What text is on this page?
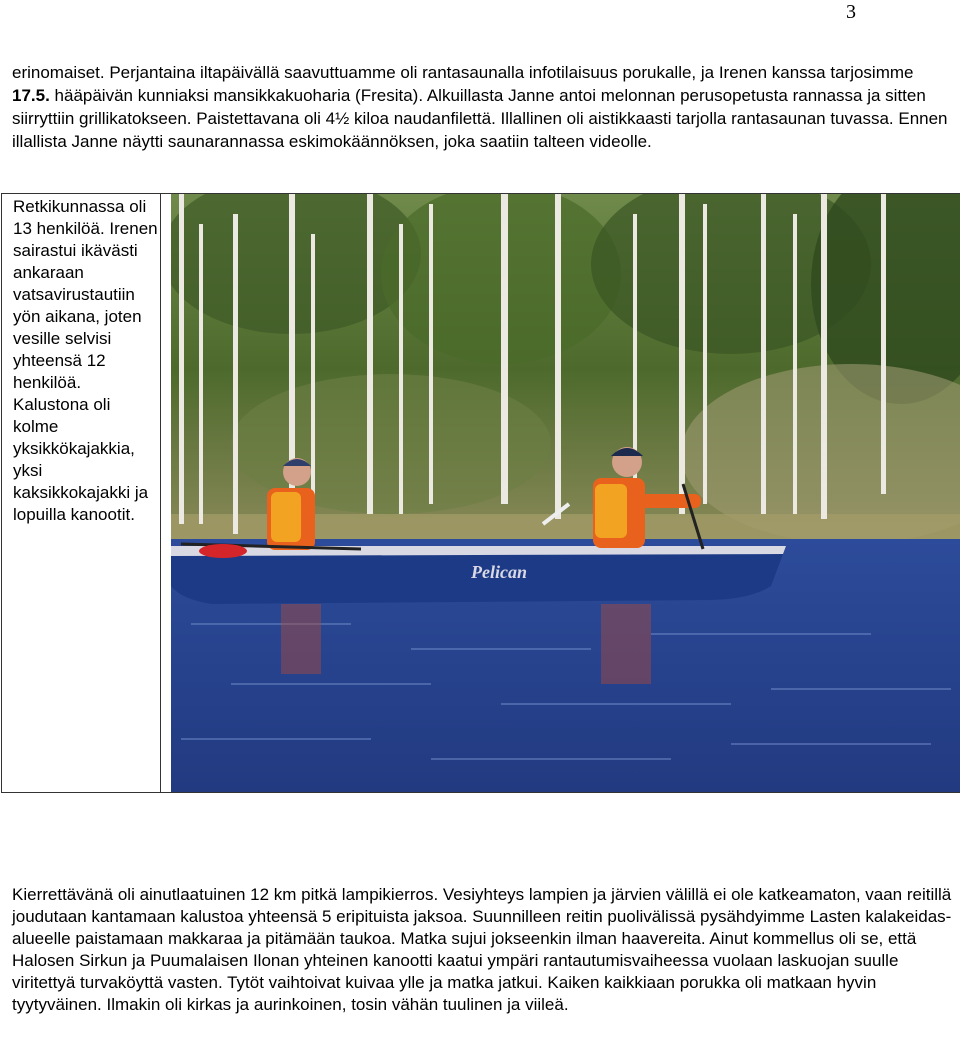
3

erinomaiset. Perjantaina iltapäivällä saavuttuamme oli rantasaunalla infotilaisuus porukalle, ja Irenen kanssa tarjosimme 17.5. hääpäivän kunniaksi mansikkakuoharia (Fresita). Alkuillasta Janne antoi melonnan perusopetusta rannassa ja sitten siirryttiin grillikatokseen. Paistettavana oli 4½ kiloa naudanfilettä. Illallinen oli aistikkaasti tarjolla rantasaunan tuvassa. Ennen illallista Janne näytti saunarannassa eskimokäännöksen, joka saatiin talteen videolle.

Retkikunnassa oli 13 henkilöä. Irenen sairastui ikävästi ankaraan vatsavirustautiin yön aikana, joten vesille selvisi yhteensä 12 henkilöä. Kalustona oli kolme yksikkökajakkia, yksi kaksikkokajakki ja lopuilla kanootit.

Pelican

Kierrettävänä oli ainutlaatuinen 12 km pitkä lampikierros. Vesiyhteys lampien ja järvien välillä ei ole katkeamaton, vaan reitillä joudutaan kantamaan kalustoa yhteensä 5 eripituista jaksoa. Suunnilleen reitin puolivälissä pysähdyimme Lasten kalakeidas-alueelle paistamaan makkaraa ja pitämään taukoa. Matka sujui jokseenkin ilman haavereita. Ainut kommellus oli se, että Halosen Sirkun ja Puumalaisen Ilonan yhteinen kanootti kaatui ympäri rantautumisvaiheessa vuolaan laskuojan suulle viritettyä turvaköyttä vasten. Tytöt vaihtoivat kuivaa ylle ja matka jatkui. Kaiken kaikkiaan porukka oli matkaan hyvin tyytyväinen. Ilmakin oli kirkas ja aurinkoinen, tosin vähän tuulinen ja viileä.
